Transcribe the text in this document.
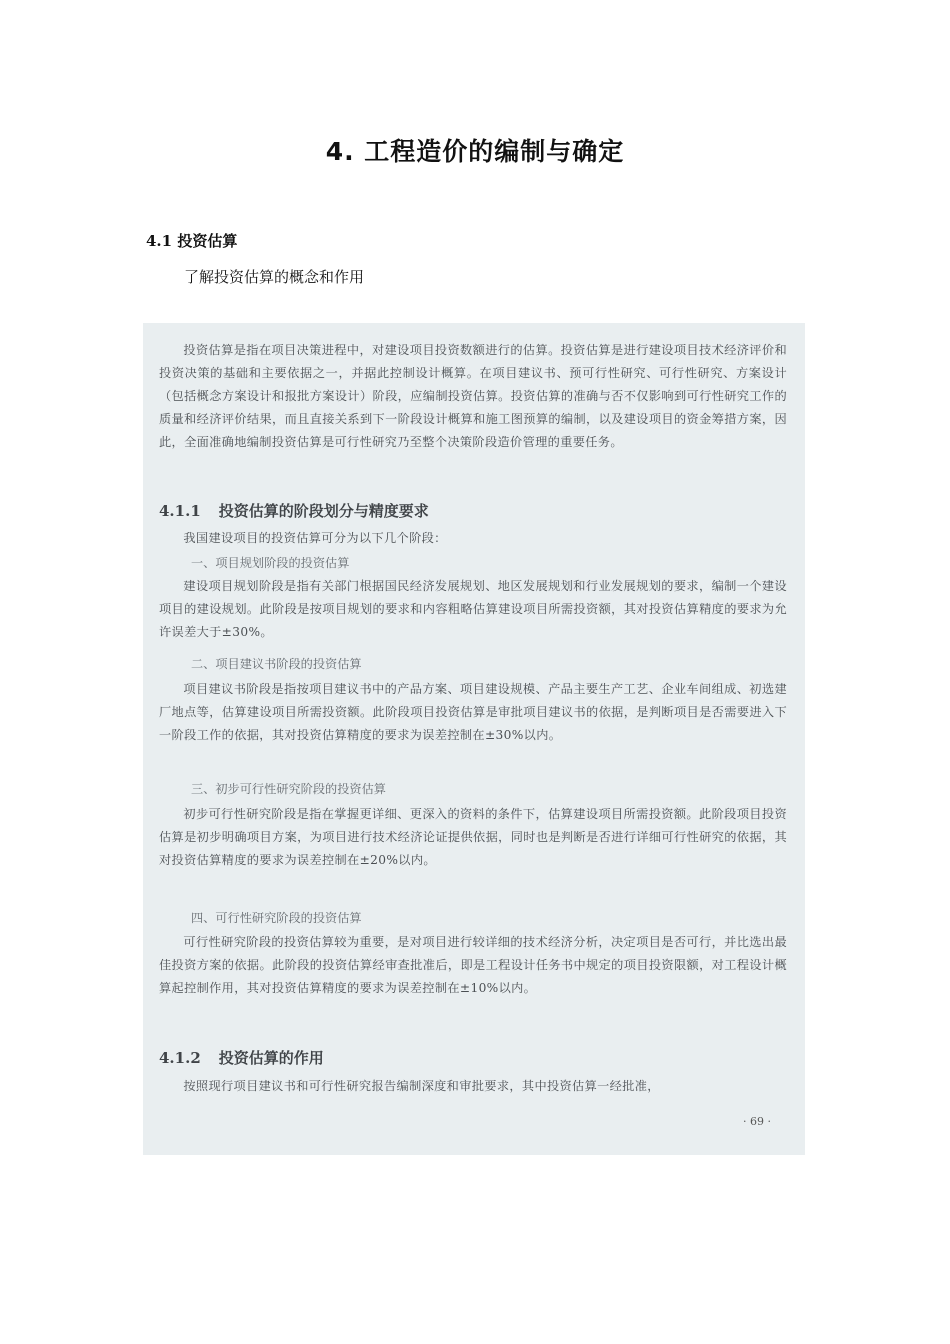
4. 工程造价的编制与确定
4.1 投资估算

了解投资估算的概念和作用

投资估算是指在项目决策进程中，对建设项目投资数额进行的估算。投资估算是进行建设项目技术经济评价和投资决策的基础和主要依据之一，并据此控制设计概算。在项目建议书、预可行性研究、可行性研究、方案设计（包括概念方案设计和报批方案设计）阶段，应编制投资估算。投资估算的准确与否不仅影响到可行性研究工作的质量和经济评价结果，而且直接关系到下一阶段设计概算和施工图预算的编制，以及建设项目的资金筹措方案，因此，全面准确地编制投资估算是可行性研究乃至整个决策阶段造价管理的重要任务。

4.1.1 投资估算的阶段划分与精度要求

我国建设项目的投资估算可分为以下几个阶段：

一、项目规划阶段的投资估算

建设项目规划阶段是指有关部门根据国民经济发展规划、地区发展规划和行业发展规划的要求，编制一个建设项目的建设规划。此阶段是按项目规划的要求和内容粗略估算建设项目所需投资额，其对投资估算精度的要求为允许误差大于±30%。

二、项目建议书阶段的投资估算

项目建议书阶段是指按项目建议书中的产品方案、项目建设规模、产品主要生产工艺、企业车间组成、初选建厂地点等，估算建设项目所需投资额。此阶段项目投资估算是审批项目建议书的依据，是判断项目是否需要进入下一阶段工作的依据，其对投资估算精度的要求为误差控制在±30%以内。

三、初步可行性研究阶段的投资估算

初步可行性研究阶段是指在掌握更详细、更深入的资料的条件下，估算建设项目所需投资额。此阶段项目投资估算是初步明确项目方案，为项目进行技术经济论证提供依据，同时也是判断是否进行详细可行性研究的依据，其对投资估算精度的要求为误差控制在±20%以内。

四、可行性研究阶段的投资估算

可行性研究阶段的投资估算较为重要，是对项目进行较详细的技术经济分析，决定项目是否可行，并比选出最佳投资方案的依据。此阶段的投资估算经审查批准后，即是工程设计任务书中规定的项目投资限额，对工程设计概算起控制作用，其对投资估算精度的要求为误差控制在±10%以内。

4.1.2 投资估算的作用

按照现行项目建议书和可行性研究报告编制深度和审批要求，其中投资估算一经批准，

· 69 ·
